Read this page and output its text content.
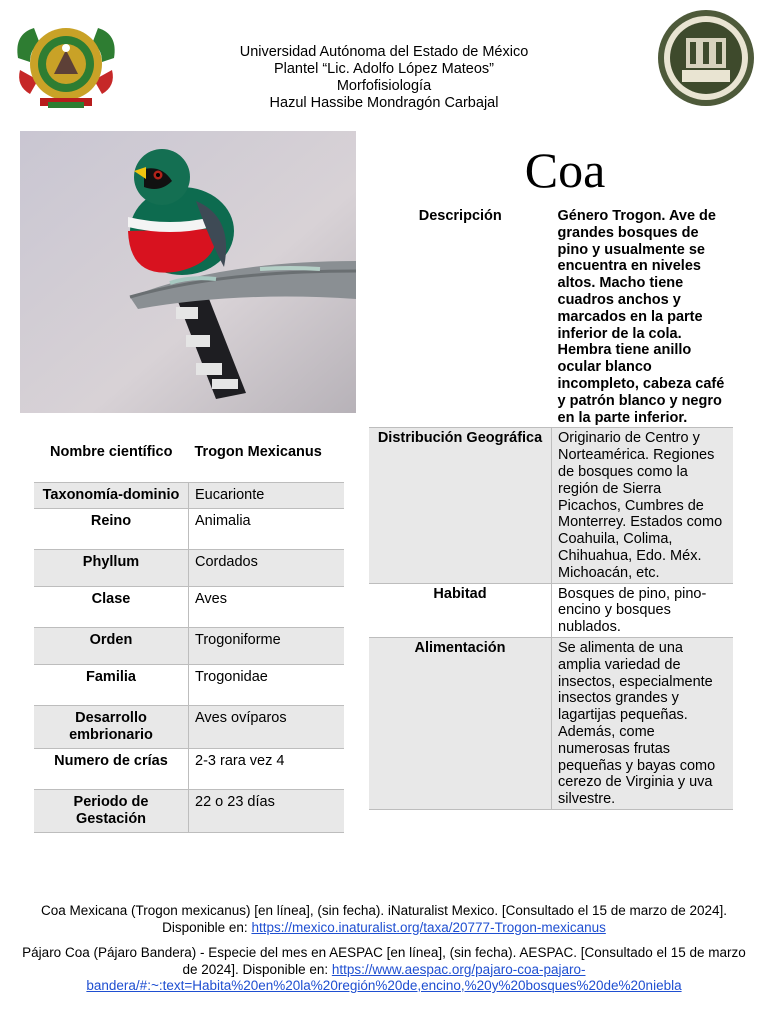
Universidad Autónoma del Estado de México
Plantel “Lic. Adolfo López Mateos”
Morfofisiología
Hazul Hassibe Mondragón Carbajal
Coa
Nombre científico	Trogon Mexicanus
Taxonomía-dominio	Eucarionte
Reino	Animalia
Phyllum	Cordados
Clase	Aves
Orden	Trogoniforme
Familia	Trogonidae
Desarrollo embrionario	Aves ovíparos
Numero de crías	2-3 rara vez 4
Periodo de Gestación	22 o 23 días
Descripción	Género Trogon. Ave de grandes bosques de pino y usualmente se encuentra en niveles altos. Macho tiene cuadros anchos y marcados en la parte inferior de la cola. Hembra tiene anillo ocular blanco incompleto, cabeza café y patrón blanco y negro en la parte inferior.
Distribución Geográfica	Originario de Centro y Norteamérica. Regiones de bosques como la región de Sierra Picachos, Cumbres de Monterrey. Estados como Coahuila, Colima, Chihuahua, Edo. Méx. Michoacán, etc.
Habitad	Bosques de pino, pino-encino y bosques nublados.
Alimentación	Se alimenta de una amplia variedad de insectos, especialmente insectos grandes y lagartijas pequeñas. Además, come numerosas frutas pequeñas y bayas como cerezo de Virginia y uva silvestre.
Coa Mexicana (Trogon mexicanus) [en línea], (sin fecha). iNaturalist Mexico. [Consultado el 15 de marzo de 2024]. Disponible en: https://mexico.inaturalist.org/taxa/20777-Trogon-mexicanus
Pájaro Coa (Pájaro Bandera) - Especie del mes en AESPAC [en línea], (sin fecha). AESPAC. [Consultado el 15 de marzo de 2024]. Disponible en: https://www.aespac.org/pajaro-coa-pajaro-bandera/#:~:text=Habita%20en%20la%20región%20de,encino,%20y%20bosques%20de%20niebla
